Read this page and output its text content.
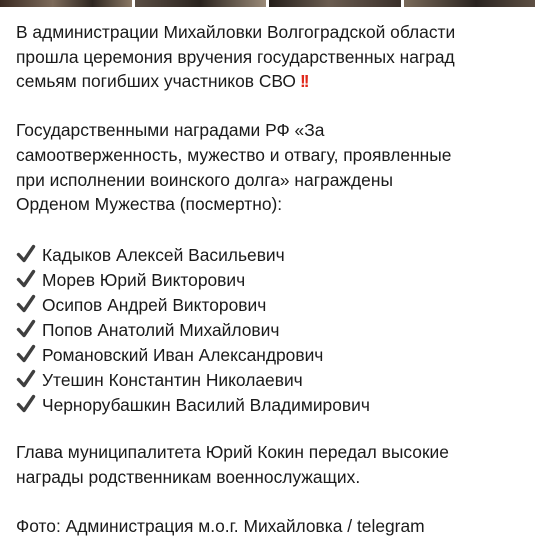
В администрации Михайловки Волгоградской области

прошла церемония вручения государственных наград

семьям погибших участников СВО !!

Государственными наградами РФ «За

самоотверженность, мужество и отвагу, проявленные

при исполнении воинского долга» награждены

Орденом Мужества (посмертно):

Кадыков Алексей Васильевич
Морев Юрий Викторович
Осипов Андрей Викторович
Попов Анатолий Михайлович
Романовский Иван Александрович
Утешин Константин Николаевич
Чернорубашкин Василий Владимирович

Глава муниципалитета Юрий Кокин передал высокие

награды родственникам военнослужащих.

Фото: Администрация м.о.г. Михайловка / telegram
